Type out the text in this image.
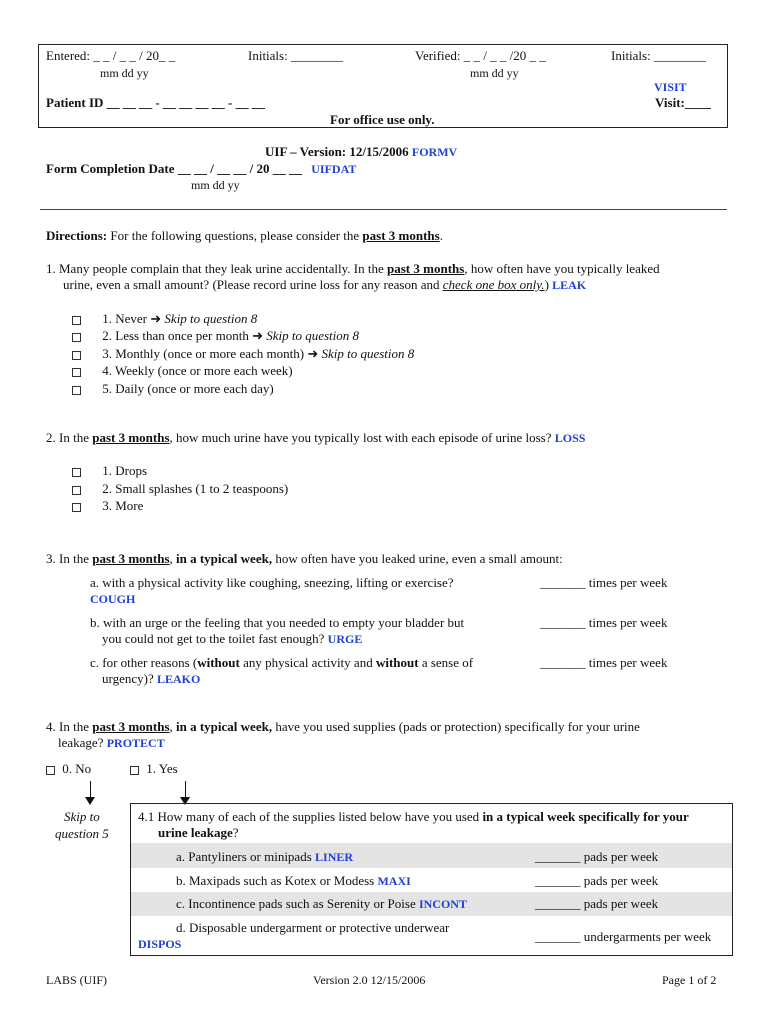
Entered: _ _ / _ _ / 20_ _
mm dd yy
Initials: ________	Verified: _ _ / _ _ /20 _ _
mm dd yy
Initials: ________
VISIT
Visit:____
Patient ID __ __ __ - __ __ __ __ - __ __
For office use only.
UIF – Version: 12/15/2006 FORMV
Form Completion Date __ __ / __ __ / 20 __ __ UIFDAT
mm dd yy
Directions: For the following questions, please consider the past 3 months.
1. Many people complain that they leak urine accidentally. In the past 3 months, how often have you typically leaked
urine, even a small amount? (Please record urine loss for any reason and check one box only.) LEAK
1. Never ➜ Skip to question 8
2. Less than once per month ➜ Skip to question 8
3. Monthly (once or more each month) ➜ Skip to question 8
4. Weekly (once or more each week)
5. Daily (once or more each day)
2. In the past 3 months, how much urine have you typically lost with each episode of urine loss? LOSS
1. Drops
2. Small splashes (1 to 2 teaspoons)
3. More
3. In the past 3 months, in a typical week, how often have you leaked urine, even a small amount:
a. with a physical activity like coughing, sneezing, lifting or exercise?
COUGH
_______ times per week
b. with an urge or the feeling that you needed to empty your bladder but
you could not get to the toilet fast enough? URGE
_______ times per week
c. for other reasons (without any physical activity and without a sense of
urgency)? LEAKO
_______ times per week
4. In the past 3 months, in a typical week, have you used supplies (pads or protection) specifically for your urine
leakage? PROTECT
0. No	1. Yes
Skip to
question 5
4.1 How many of each of the supplies listed below have you used in a typical week specifically for your
urine leakage?
a. Pantyliners or minipads LINER	_______ pads per week
b. Maxipads such as Kotex or Modess MAXI	_______ pads per week
c. Incontinence pads such as Serenity or Poise INCONT	_______ pads per week
d. Disposable undergarment or protective underwear
DISPOS	_______ undergarments per week
LABS (UIF)	Version 2.0 12/15/2006	Page 1 of 2
